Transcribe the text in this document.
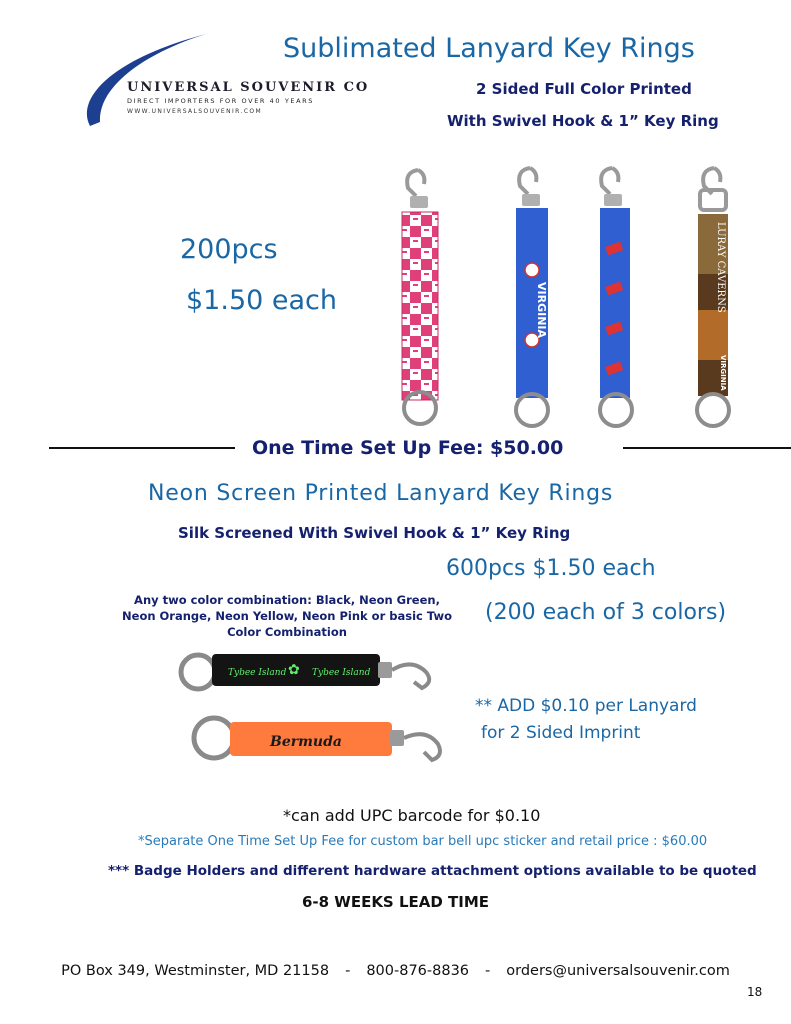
UNIVERSAL SOUVENIR CO
DIRECT IMPORTERS FOR OVER 40 YEARS
WWW.UNIVERSALSOUVENIR.COM
Sublimated Lanyard Key Rings
2 Sided Full Color Printed
With Swivel Hook & 1” Key Ring
200pcs
$1.50 each	VIRGINIA	LURAY CAVERNS
VIRGINIA
One Time Set Up Fee: $50.00
Neon Screen Printed Lanyard Key Rings
Silk Screened With Swivel Hook & 1” Key Ring
600pcs $1.50 each
Any two color combination: Black, Neon Green, Neon Orange, Neon Yellow, Neon Pink or basic Two Color Combination
(200 each of 3 colors)
Tybee Island ✿ Tybee Island
Bermuda
** ADD $0.10 per Lanyard
for 2 Sided Imprint
*can add UPC barcode for $0.10
*Separate One Time Set Up Fee for custom bar bell upc sticker and retail price : $60.00
*** Badge Holders and different hardware attachment options available to be quoted
6-8 WEEKS LEAD TIME
PO Box 349, Westminster, MD 21158 - 800-876-8836 - orders@universalsouvenir.com
18
